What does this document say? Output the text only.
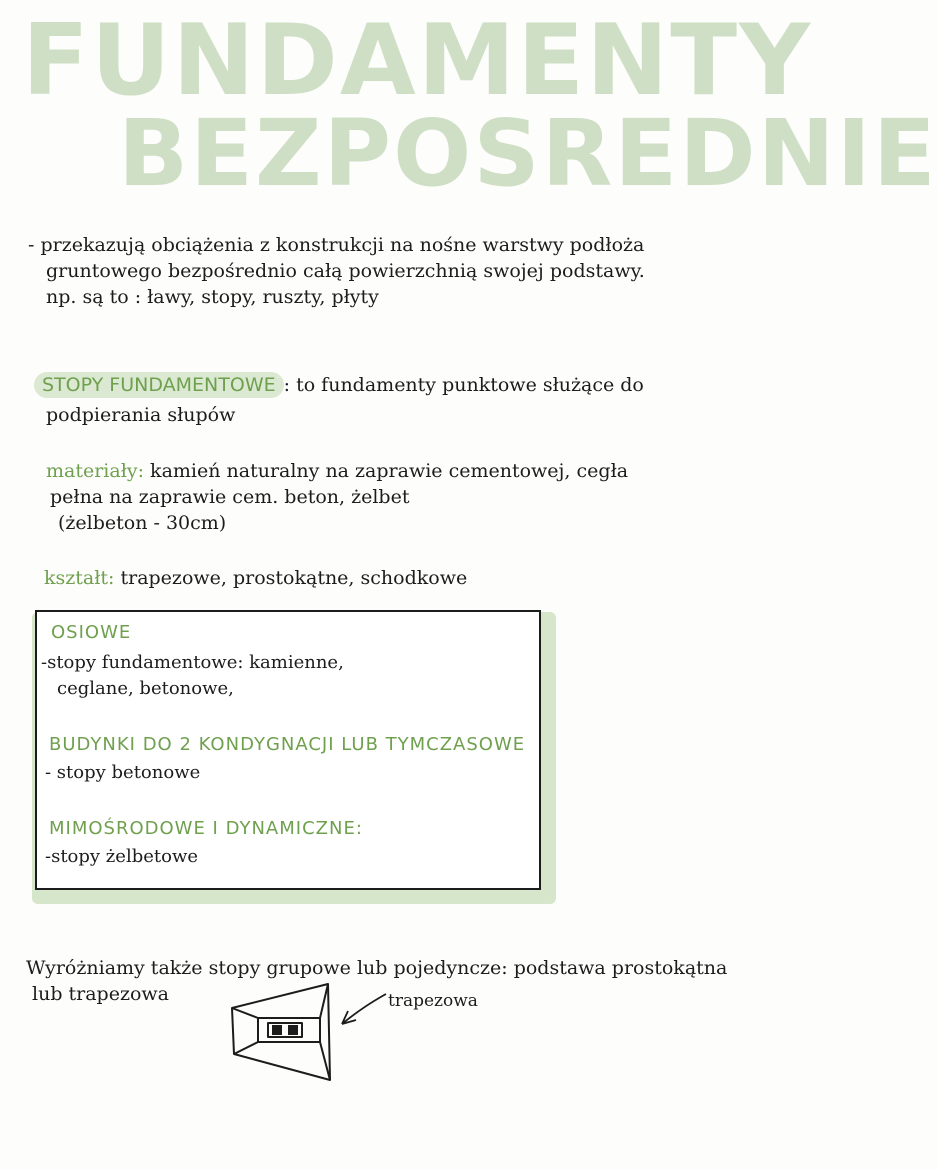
FUNDAMENTY
BEZPOSREDNIE

- przekazują obciążenia z konstrukcji na nośne warstwy podłoża

gruntowego bezpośrednio całą powierzchnią swojej podstawy.

np. są to : ławy, stopy, ruszty, płyty

STOPY FUNDAMENTOWE : to fundamenty punktowe służące do

podpierania słupów

materiały: kamień naturalny na zaprawie cementowej, cegła

pełna na zaprawie cem. beton, żelbet

(żelbeton - 30cm)

kształt: trapezowe, prostokątne, schodkowe

OSIOWE

-stopy fundamentowe: kamienne,

ceglane, betonowe,

BUDYNKI DO 2 KONDYGNACJI LUB TYMCZASOWE

- stopy betonowe

MIMOŚRODOWE I DYNAMICZNE:

-stopy żelbetowe

Wyróżniamy także stopy grupowe lub pojedyncze: podstawa prostokątna

lub trapezowa	trapezowa
